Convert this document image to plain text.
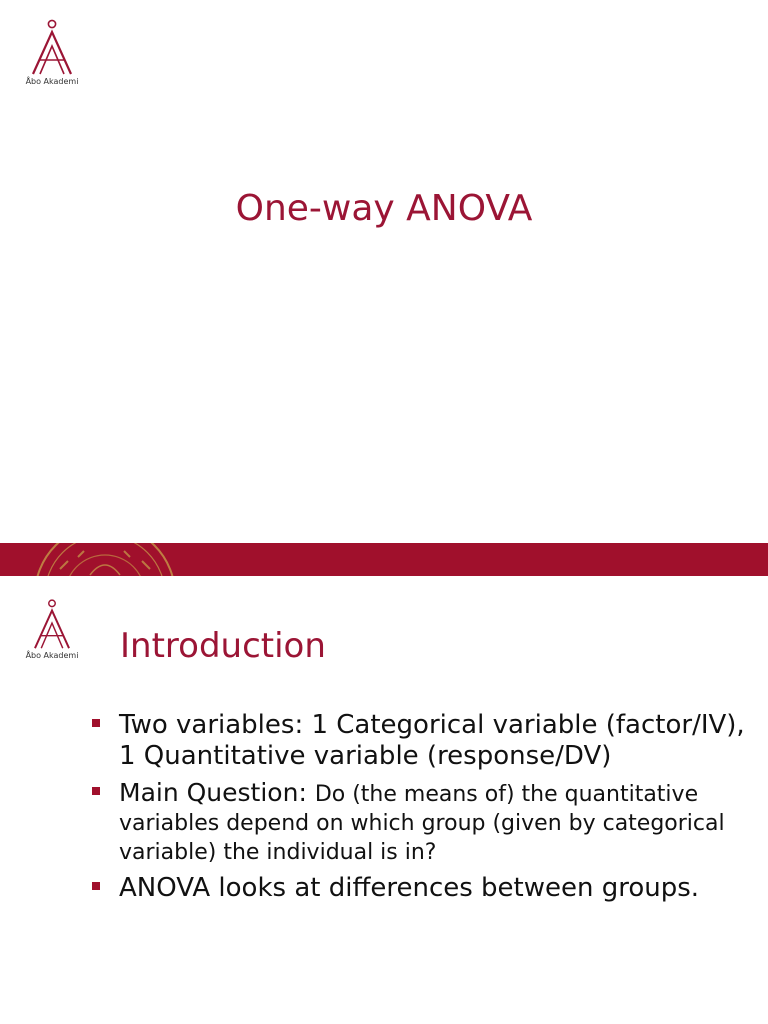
Åbo Akademi
One-way ANOVA
Åbo Akademi Introduction
Two variables: 1 Categorical variable (factor/IV), 1 Quantitative variable (response/DV)
Main Question: Do (the means of) the quantitative variables depend on which group (given by categorical variable) the individual is in?
ANOVA looks at differences between groups.
